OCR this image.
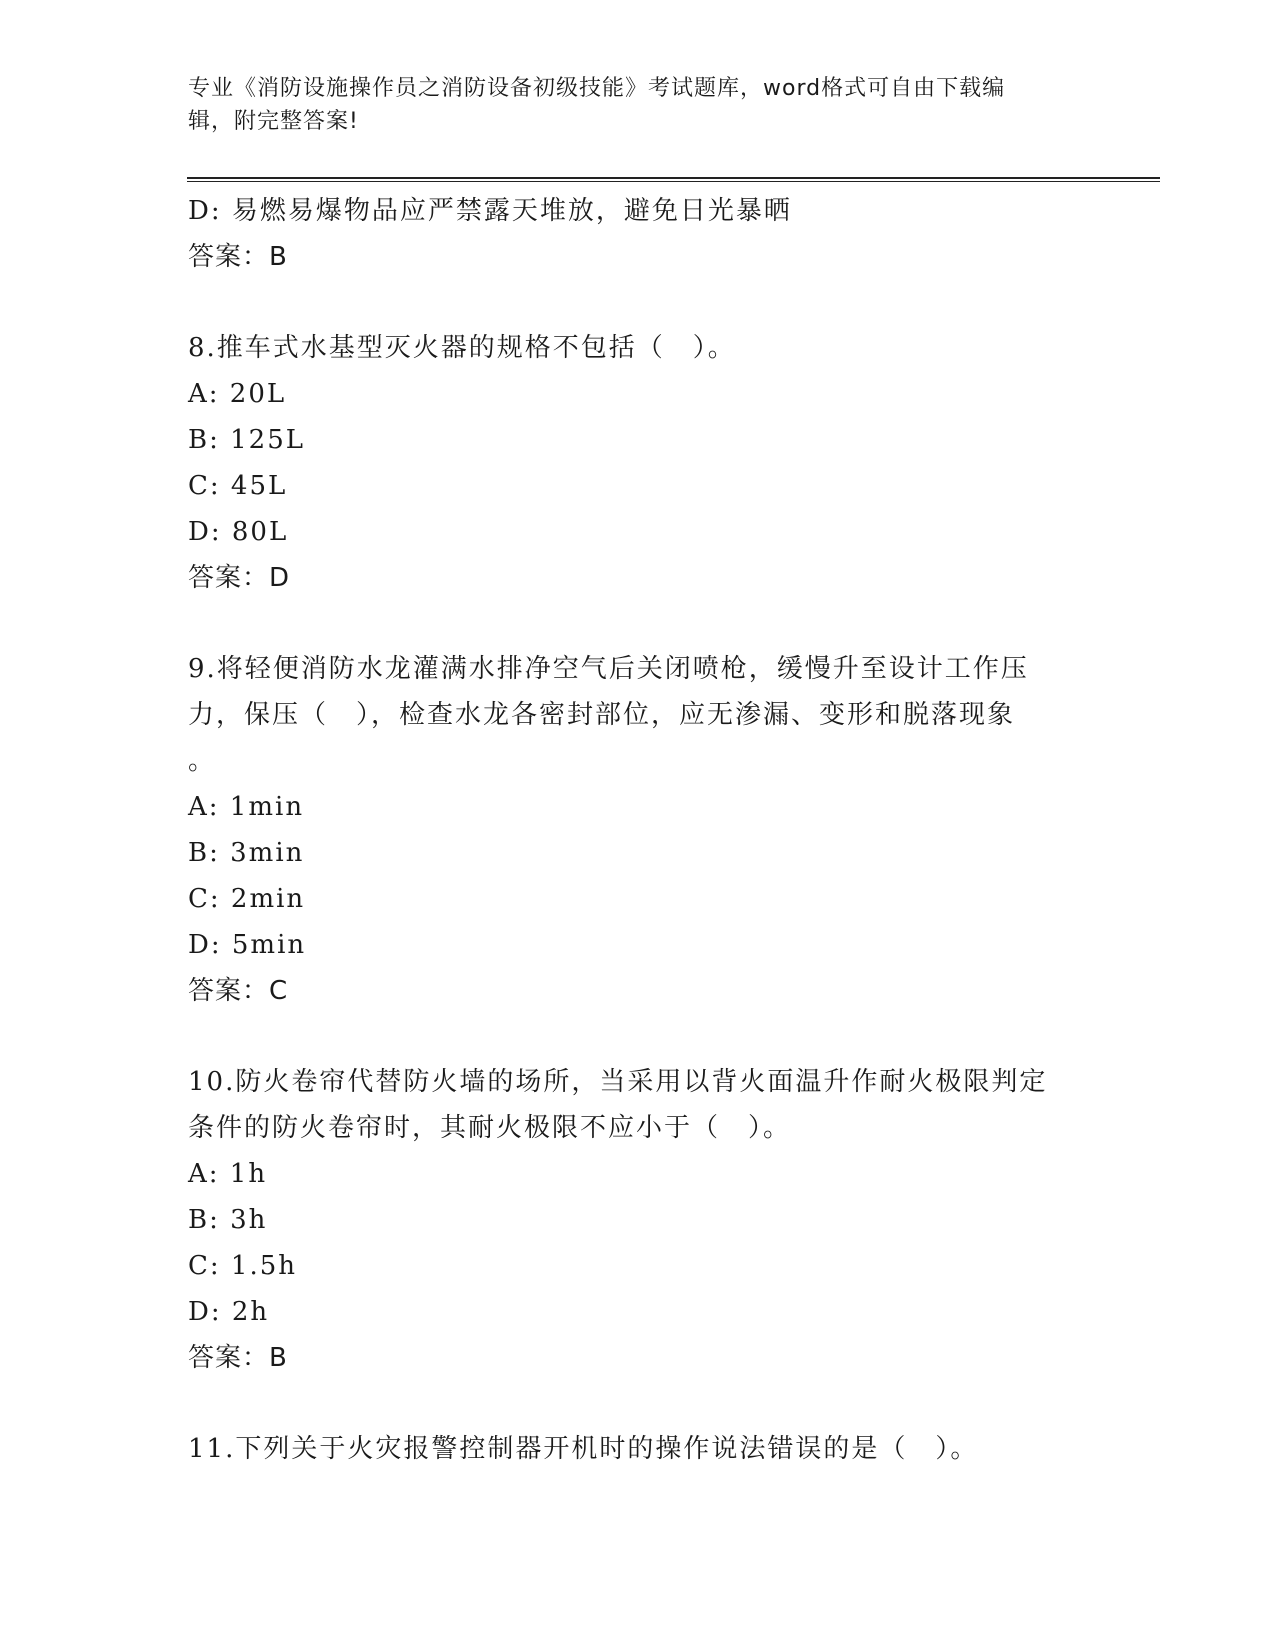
专业《消防设施操作员之消防设备初级技能》考试题库，word格式可自由下载编
辑，附完整答案!
D: 易燃易爆物品应严禁露天堆放，避免日光暴晒
答案：B
8.推车式水基型灭火器的规格不包括（　）。
A: 20L
B: 125L
C: 45L
D: 80L
答案：D
9.将轻便消防水龙灌满水排净空气后关闭喷枪，缓慢升至设计工作压
力，保压（　），检查水龙各密封部位，应无渗漏、变形和脱落现象
。
A: 1min
B: 3min
C: 2min
D: 5min
答案：C
10.防火卷帘代替防火墙的场所，当采用以背火面温升作耐火极限判定
条件的防火卷帘时，其耐火极限不应小于（　）。
A: 1h
B: 3h
C: 1.5h
D: 2h
答案：B
11.下列关于火灾报警控制器开机时的操作说法错误的是（　）。
